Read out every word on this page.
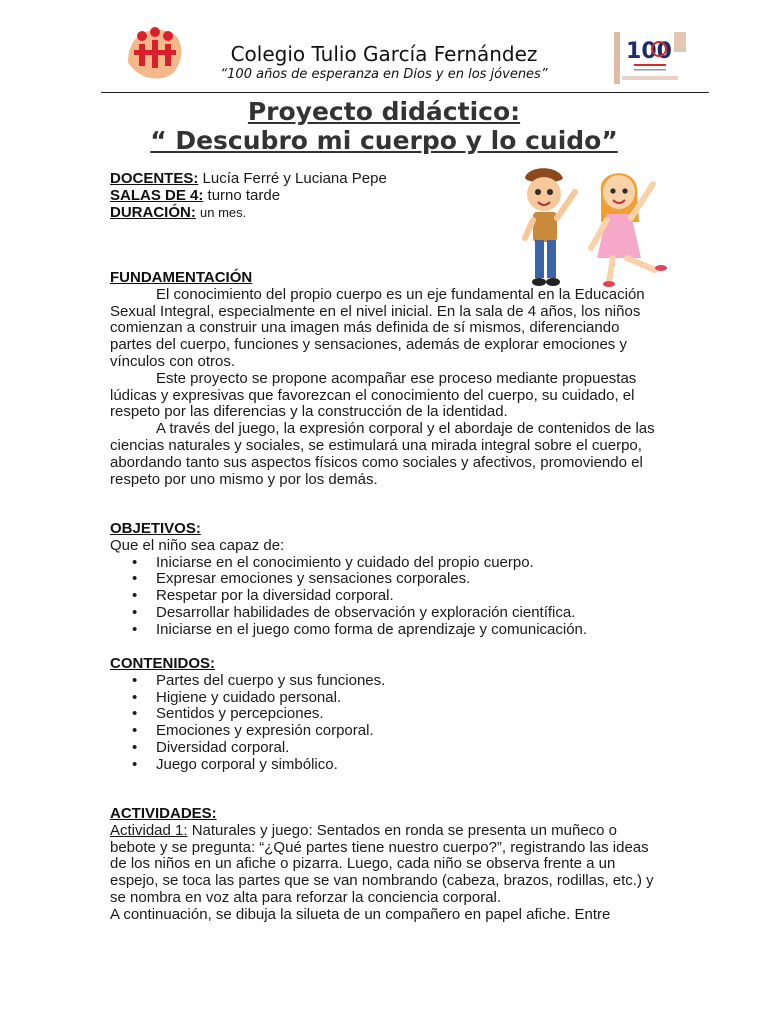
100
Colegio Tulio García Fernández
“100 años de esperanza en Dios y en los jóvenes”
Proyecto didáctico:
“ Descubro mi cuerpo y lo cuido”

DOCENTES: Lucía Ferré y Luciana Pepe

SALAS DE 4: turno tarde

DURACIÓN: un mes.

FUNDAMENTACIÓN

El conocimiento del propio cuerpo es un eje fundamental en la Educación Sexual Integral, especialmente en el nivel inicial. En la sala de 4 años, los niños comienzan a construir una imagen más definida de sí mismos, diferenciando partes del cuerpo, funciones y sensaciones, además de explorar emociones y vínculos con otros.

Este proyecto se propone acompañar ese proceso mediante propuestas lúdicas y expresivas que favorezcan el conocimiento del cuerpo, su cuidado, el respeto por las diferencias y la construcción de la identidad.

A través del juego, la expresión corporal y el abordaje de contenidos de las ciencias naturales y sociales, se estimulará una mirada integral sobre el cuerpo, abordando tanto sus aspectos físicos como sociales y afectivos, promoviendo el respeto por uno mismo y por los demás.

OBJETIVOS:

Que el niño sea capaz de:

• Iniciarse en el conocimiento y cuidado del propio cuerpo.
• Expresar emociones y sensaciones corporales.
• Respetar por la diversidad corporal.
• Desarrollar habilidades de observación y exploración científica.
• Iniciarse en el juego como forma de aprendizaje y comunicación.

CONTENIDOS:

• Partes del cuerpo y sus funciones.
• Higiene y cuidado personal.
• Sentidos y percepciones.
• Emociones y expresión corporal.
• Diversidad corporal.
• Juego corporal y simbólico.

ACTIVIDADES:

Actividad 1: Naturales y juego: Sentados en ronda se presenta un muñeco o bebote y se pregunta: “¿Qué partes tiene nuestro cuerpo?”, registrando las ideas de los niños en un afiche o pizarra. Luego, cada niño se observa frente a un espejo, se toca las partes que se van nombrando (cabeza, brazos, rodillas, etc.) y se nombra en voz alta para reforzar la conciencia corporal.

A continuación, se dibuja la silueta de un compañero en papel afiche. Entre
